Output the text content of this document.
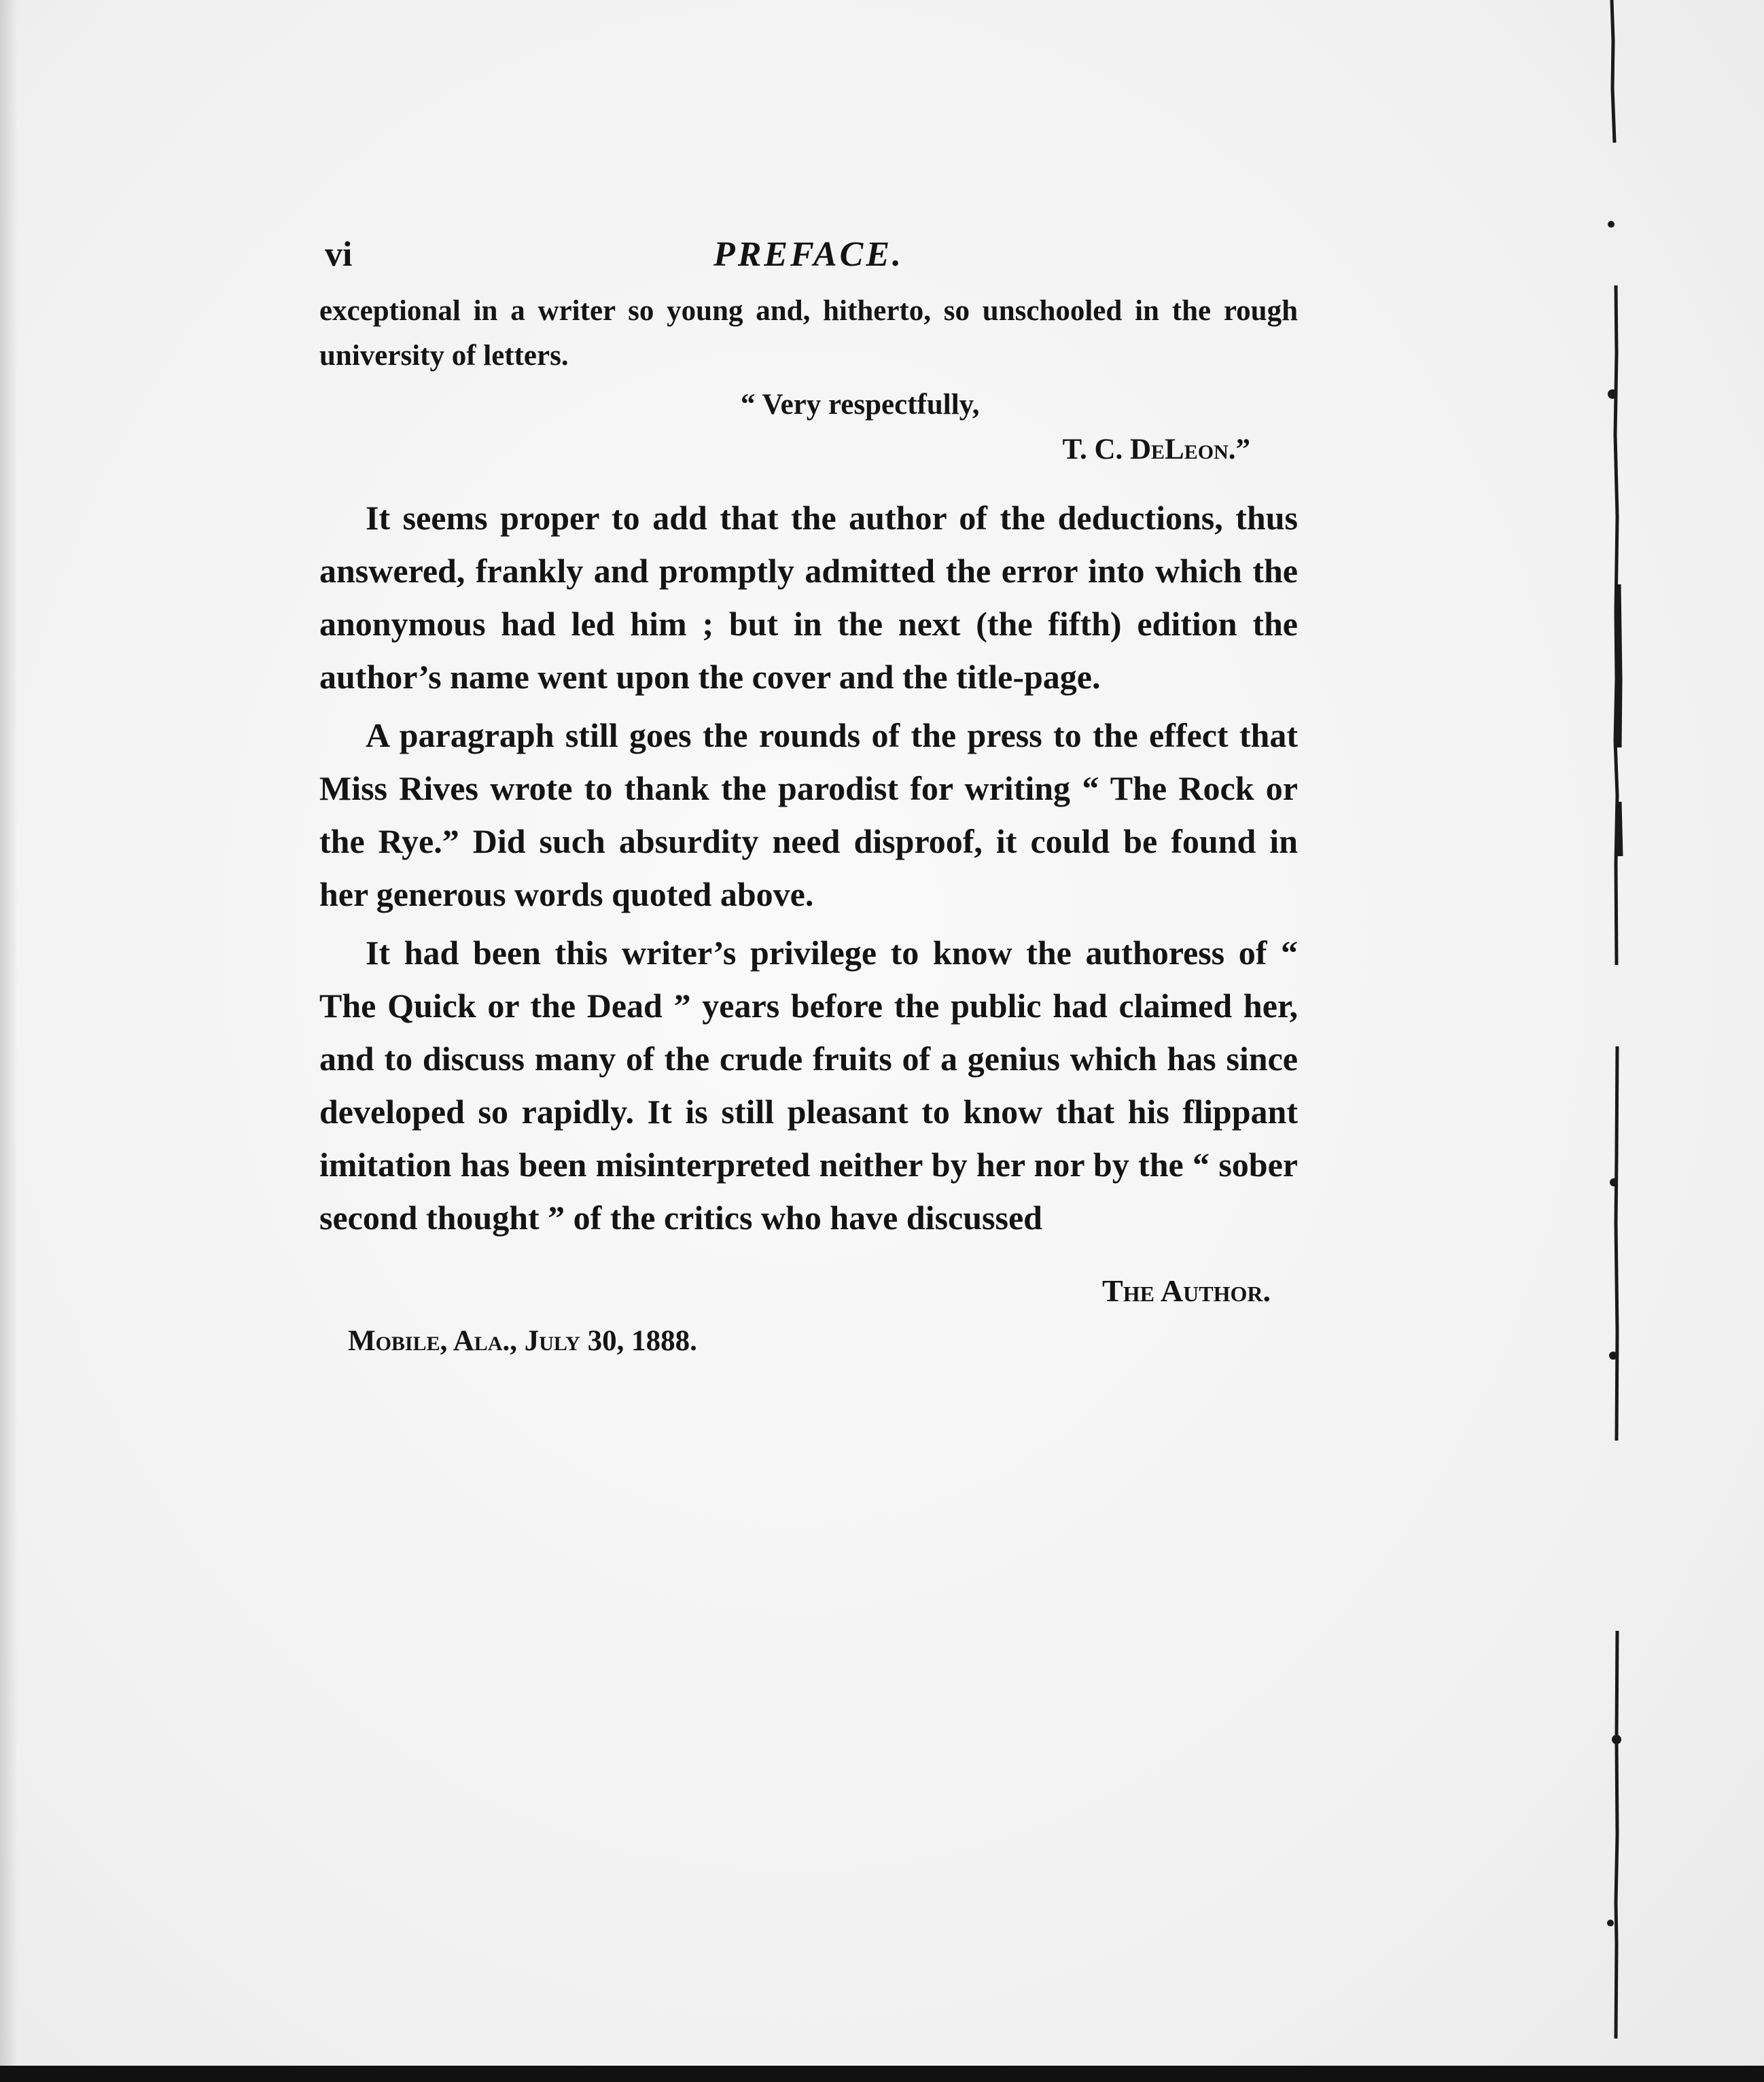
vi	PREFACE.

exceptional in a writer so young and, hitherto, so unschooled in the rough university of letters.

“ Very respectfully,
T. C. DeLeon.”

It seems proper to add that the author of the deductions, thus answered, frankly and promptly admitted the error into which the anonymous had led him ; but in the next (the fifth) edition the author’s name went upon the cover and the title-page.

A paragraph still goes the rounds of the press to the effect that Miss Rives wrote to thank the parodist for writing “ The Rock or the Rye.” Did such absurdity need disproof, it could be found in her generous words quoted above.

It had been this writer’s privilege to know the authoress of “ The Quick or the Dead ” years before the public had claimed her, and to discuss many of the crude fruits of a genius which has since developed so rapidly. It is still pleasant to know that his flippant imitation has been misinterpreted neither by her nor by the “ sober second thought ” of the critics who have discussed

The Author.
Mobile, Ala., July 30, 1888.
